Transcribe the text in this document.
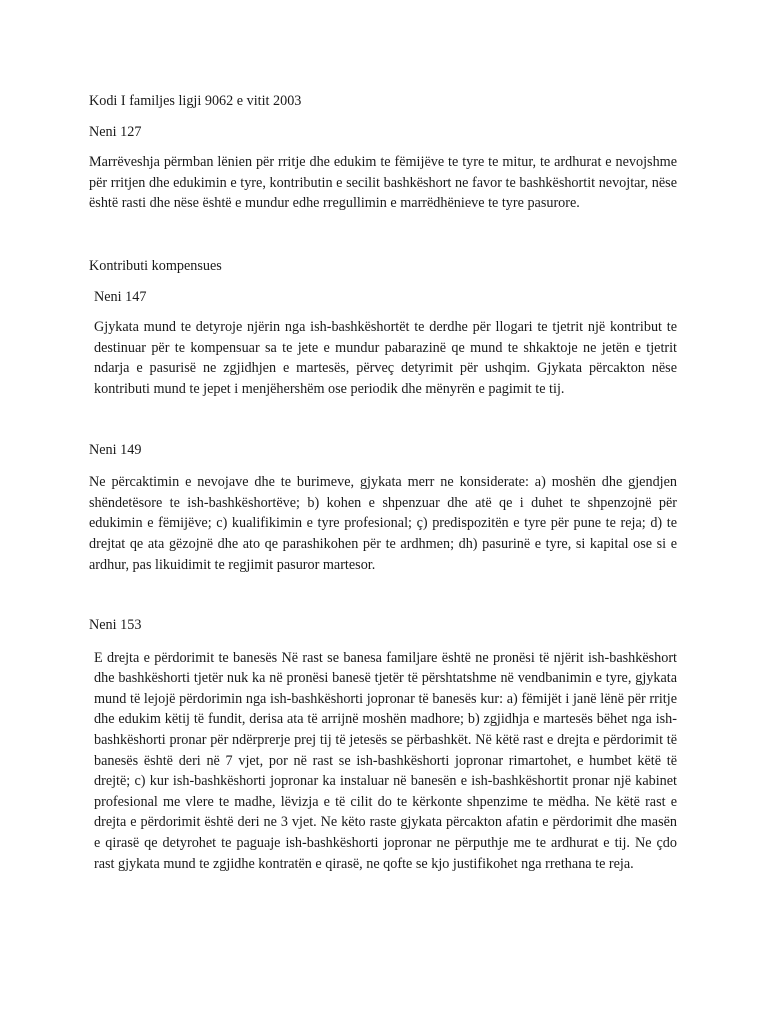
Kodi I familjes ligji 9062 e vitit 2003

Neni 127

Marrëveshja përmban lënien për rritje dhe edukim te fëmijëve te tyre te mitur, te ardhurat e nevojshme për rritjen dhe edukimin e tyre, kontributin e secilit bashkëshort ne favor te bashkëshortit nevojtar, nëse është rasti dhe nëse është e mundur edhe rregullimin e marrëdhënieve te tyre pasurore.

Kontributi kompensues

Neni 147

Gjykata mund te detyroje njërin nga ish-bashkëshortët te derdhe për llogari te tjetrit një kontribut te destinuar për te kompensuar sa te jete e mundur pabarazinë qe mund te shkaktoje ne jetën e tjetrit ndarja e pasurisë ne zgjidhjen e martesës, përveç detyrimit për ushqim. Gjykata përcakton nëse kontributi mund te jepet i menjëhershëm ose periodik dhe mënyrën e pagimit te tij.

Neni 149

Ne përcaktimin e nevojave dhe te burimeve, gjykata merr ne konsiderate: a) moshën dhe gjendjen shëndetësore te ish-bashkëshortëve; b) kohen e shpenzuar dhe atë qe i duhet te shpenzojnë për edukimin e fëmijëve; c) kualifikimin e tyre profesional; ç) predispozitën e tyre për pune te reja; d) te drejtat qe ata gëzojnë dhe ato qe parashikohen për te ardhmen; dh) pasurinë e tyre, si kapital ose si e ardhur, pas likuidimit te regjimit pasuror martesor.

Neni 153

E drejta e përdorimit te banesës Në rast se banesa familjare është ne pronësi të njërit ish-bashkëshort dhe bashkëshorti tjetër nuk ka në pronësi banesë tjetër të përshtatshme në vendbanimin e tyre, gjykata mund të lejojë përdorimin nga ish-bashkëshorti jopronar të banesës kur: a) fëmijët i janë lënë për rritje dhe edukim këtij të fundit, derisa ata të arrijnë moshën madhore; b) zgjidhja e martesës bëhet nga ish-bashkëshorti pronar për ndërprerje prej tij të jetesës se përbashkët. Në këtë rast e drejta e përdorimit të banesës është deri në 7 vjet, por në rast se ish-bashkëshorti jopronar rimartohet, e humbet këtë të drejtë; c) kur ish-bashkëshorti jopronar ka instaluar në banesën e ish-bashkëshortit pronar një kabinet profesional me vlere te madhe, lëvizja e të cilit do te kërkonte shpenzime te mëdha. Ne këtë rast e drejta e përdorimit është deri ne 3 vjet. Ne këto raste gjykata përcakton afatin e përdorimit dhe masën e qirasë qe detyrohet te paguaje ish-bashkëshorti jopronar ne përputhje me te ardhurat e tij. Ne çdo rast gjykata mund te zgjidhe kontratën e qirasë, ne qofte se kjo justifikohet nga rrethana te reja.
